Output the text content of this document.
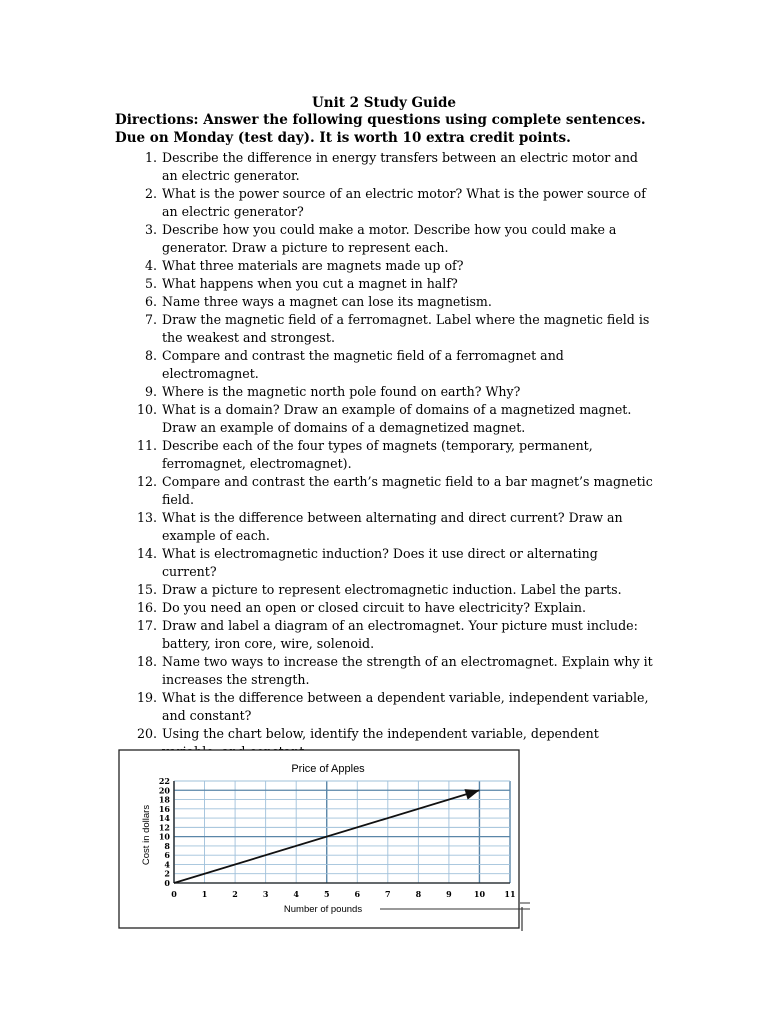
Unit 2 Study Guide
Directions: Answer the following questions using complete sentences. Due on Monday (test day). It is worth 10 extra credit points.
1. Describe the difference in energy transfers between an electric motor and an electric generator.
2. What is the power source of an electric motor? What is the power source of an electric generator?
3. Describe how you could make a motor. Describe how you could make a generator. Draw a picture to represent each.
4. What three materials are magnets made up of?
5. What happens when you cut a magnet in half?
6. Name three ways a magnet can lose its magnetism.
7. Draw the magnetic field of a ferromagnet. Label where the magnetic field is the weakest and strongest.
8. Compare and contrast the magnetic field of a ferromagnet and electromagnet.
9. Where is the magnetic north pole found on earth? Why?
10. What is a domain? Draw an example of domains of a magnetized magnet. Draw an example of domains of a demagnetized magnet.
11. Describe each of the four types of magnets (temporary, permanent, ferromagnet, electromagnet).
12. Compare and contrast the earth’s magnetic field to a bar magnet’s magnetic field.
13. What is the difference between alternating and direct current? Draw an example of each.
14. What is electromagnetic induction? Does it use direct or alternating current?
15. Draw a picture to represent electromagnetic induction. Label the parts.
16. Do you need an open or closed circuit to have electricity? Explain.
17. Draw and label a diagram of an electromagnet. Your picture must include: battery, iron core, wire, solenoid.
18. Name two ways to increase the strength of an electromagnet. Explain why it increases the strength.
19. What is the difference between a dependent variable, independent variable, and constant?
20. Using the chart below, identify the independent variable, dependent
Price of Apples
Number of pounds
Cost in dollars
0
2
4
6
8
10
12
14
16
18
20
22
0	1	2	3	4	5	6	7	8	9	10 11
